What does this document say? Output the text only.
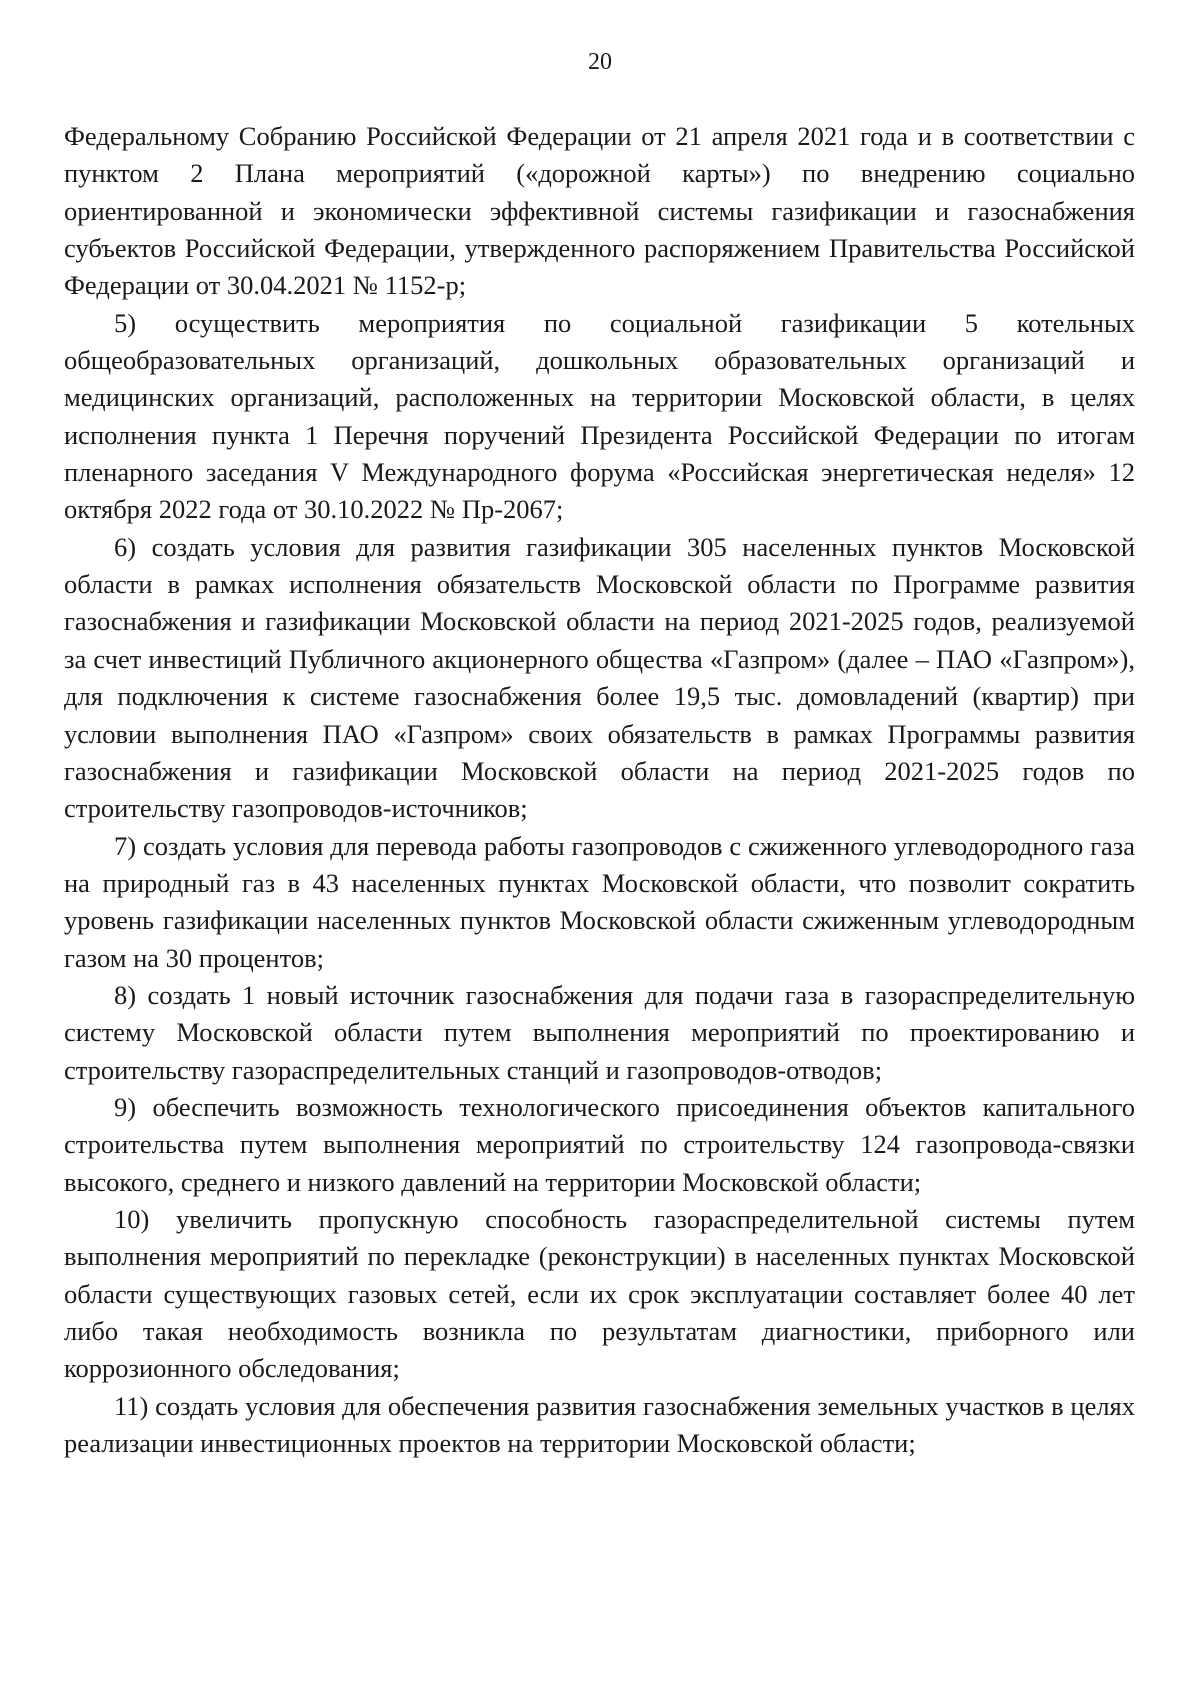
20

Федеральному Собранию Российской Федерации от 21 апреля 2021 года и в соответствии с пунктом 2 Плана мероприятий («дорожной карты») по внедрению социально ориентированной и экономически эффективной системы газификации и газоснабжения субъектов Российской Федерации, утвержденного распоряжением Правительства Российской Федерации от 30.04.2021 № 1152-р;

5) осуществить мероприятия по социальной газификации 5 котельных общеобразовательных организаций, дошкольных образовательных организаций и медицинских организаций, расположенных на территории Московской области, в целях исполнения пункта 1 Перечня поручений Президента Российской Федерации по итогам пленарного заседания V Международного форума «Российская энергетическая неделя» 12 октября 2022 года от 30.10.2022 № Пр-2067;

6) создать условия для развития газификации 305 населенных пунктов Московской области в рамках исполнения обязательств Московской области по Программе развития газоснабжения и газификации Московской области на период 2021-2025 годов, реализуемой за счет инвестиций Публичного акционерного общества «Газпром» (далее – ПАО «Газпром»), для подключения к системе газоснабжения более 19,5 тыс. домовладений (квартир) при условии выполнения ПАО «Газпром» своих обязательств в рамках Программы развития газоснабжения и газификации Московской области на период 2021-2025 годов по строительству газопроводов-источников;

7) создать условия для перевода работы газопроводов с сжиженного углеводородного газа на природный газ в 43 населенных пунктах Московской области, что позволит сократить уровень газификации населенных пунктов Московской области сжиженным углеводородным газом на 30 процентов;

8) создать 1 новый источник газоснабжения для подачи газа в газораспределительную систему Московской области путем выполнения мероприятий по проектированию и строительству газораспределительных станций и газопроводов-отводов;

9) обеспечить возможность технологического присоединения объектов капитального строительства путем выполнения мероприятий по строительству 124 газопровода-связки высокого, среднего и низкого давлений на территории Московской области;

10) увеличить пропускную способность газораспределительной системы путем выполнения мероприятий по перекладке (реконструкции) в населенных пунктах Московской области существующих газовых сетей, если их срок эксплуатации составляет более 40 лет либо такая необходимость возникла по результатам диагностики, приборного или коррозионного обследования;

11) создать условия для обеспечения развития газоснабжения земельных участков в целях реализации инвестиционных проектов на территории Московской области;
